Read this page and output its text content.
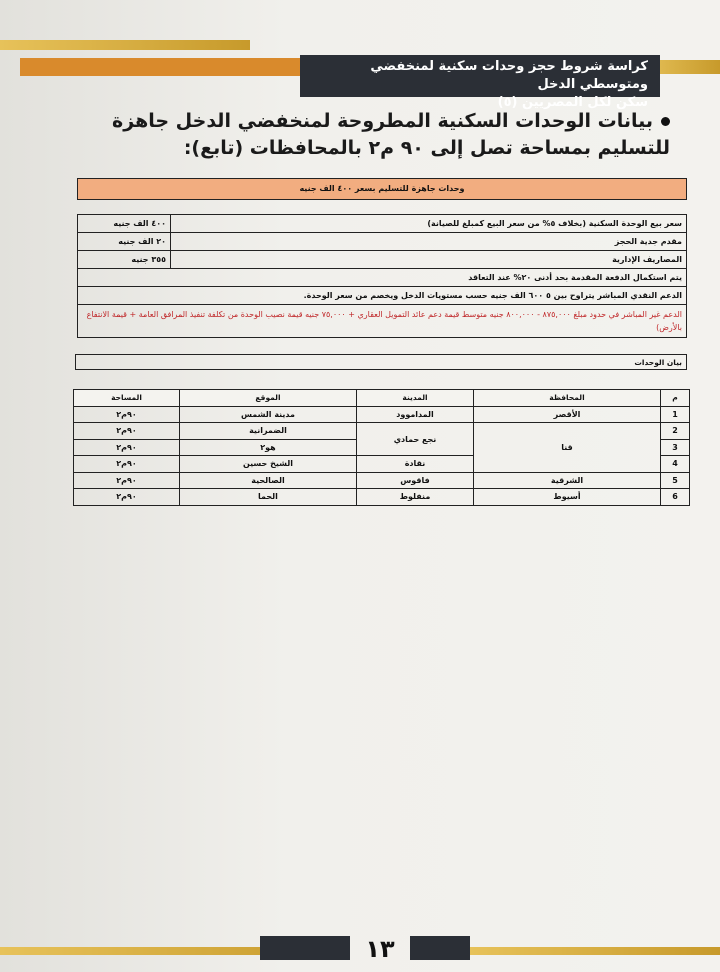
كراسة شروط حجز وحدات سكنية لمنخفضي ومتوسطي الدخل
سكن لكل المصريين (٥)
بيانات الوحدات السكنية المطروحة لمنخفضي الدخل جاهزة للتسليم بمساحة تصل إلى ٩٠ م٢ بالمحافظات (تابع):
وحدات جاهزة للتسليم بسعر ٤٠٠ الف جنيه
سعر بيع الوحدة السكنية (بخلاف ٥% من سعر البيع كمبلغ للصيانة)	٤٠٠ الف جنيه
مقدم جدية الحجز	٢٠ الف جنيه
المصاريف الإدارية	٣٥٥ جنيه
يتم استكمال الدفعة المقدمة بحد أدنى ٢٠% عند التعاقد	
الدعم النقدي المباشر يتراوح بين ٥ ٦٠٠ الف جنيه حسب مستويات الدخل ويخصم من سعر الوحدة.	
الدعم غير المباشر في حدود مبلغ ٨٧٥,٠٠٠ - ٨٠٠,٠٠٠ جنيه متوسط قيمة دعم عائد التمويل العقاري + ٧٥,٠٠٠ جنيه قيمة نصيب الوحدة من تكلفة تنفيذ المرافق العامة + قيمة الانتفاع بالأرض)	
بيان الوحدات
م	المحافظة	المدينة	الموقع	المساحة
1	الأقصر	المداموود	مدينة الشمس	٩٠م٢
2	قنا	نجع حمادي	الضمرانية	٩٠م٢
3			هو٢	٩٠م٢
4		نقادة	الشيخ حسين	٩٠م٢
5	الشرقية	فاقوس	الصالحية	٩٠م٢
6	أسيوط	منفلوط	الحما	٩٠م٢
١٣
